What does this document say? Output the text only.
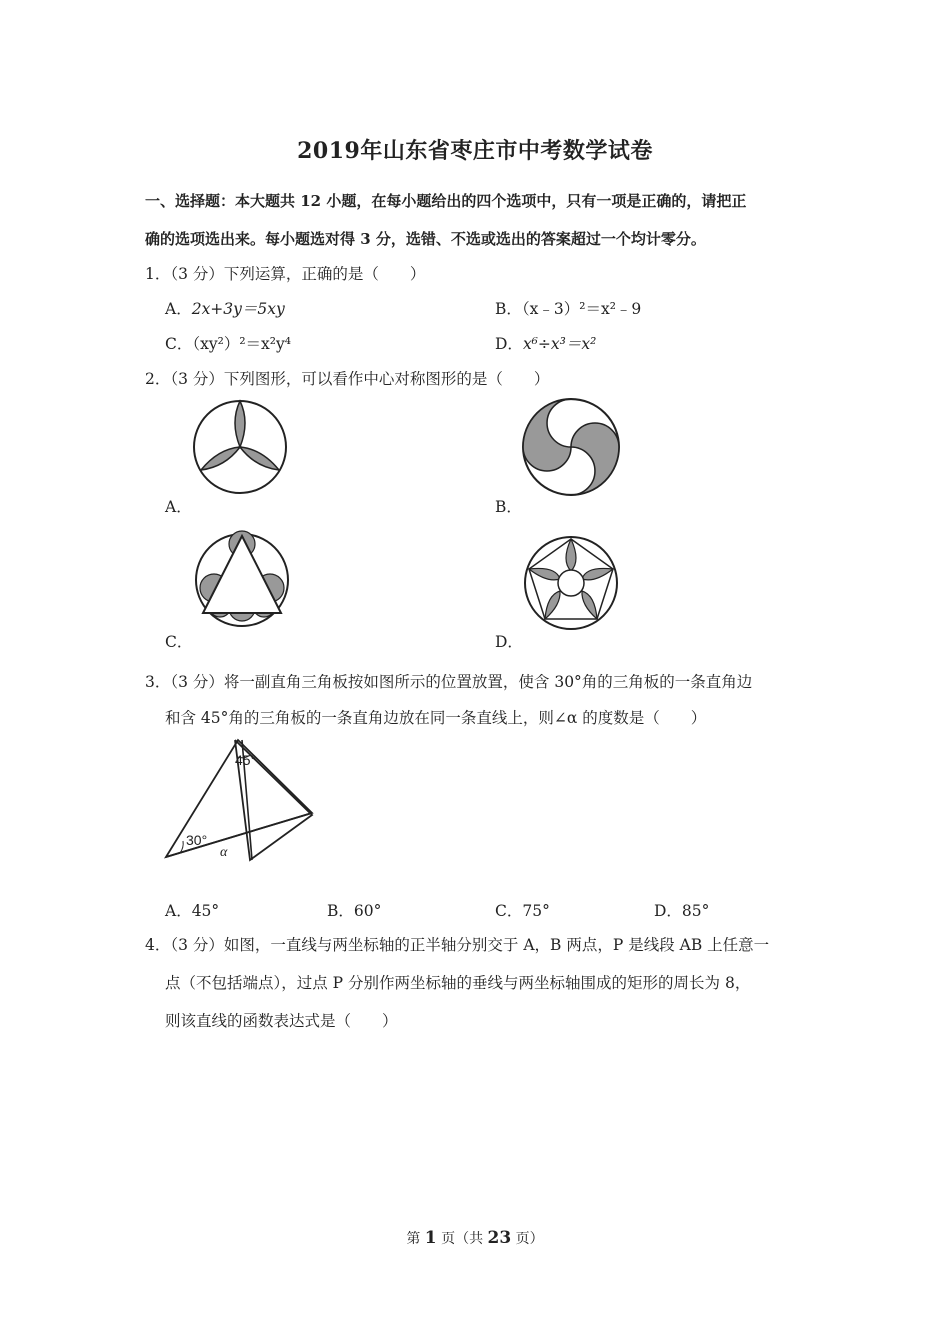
2019年山东省枣庄市中考数学试卷
一、选择题：本大题共 12 小题，在每小题给出的四个选项中，只有一项是正确的，请把正
确的选项选出来。每小题选对得 3 分，选错、不选或选出的答案超过一个均计零分。
1．（3 分）下列运算，正确的是（　　）
A．2x+3y＝5xy	B．（x﹣3）²＝x²﹣9
C．（xy²）²＝x²y⁴	D．x⁶÷x³＝x²
2．（3 分）下列图形，可以看作中心对称图形的是（　　）
A．	B．
C．	D．
3．（3 分）将一副直角三角板按如图所示的位置放置，使含 30°角的三角板的一条直角边
和含 45°角的三角板的一条直角边放在同一条直线上，则∠α 的度数是（　　）
45°
30°
α
A．45°	B．60°	C．75°	D．85°
4．（3 分）如图，一直线与两坐标轴的正半轴分别交于 A，B 两点，P 是线段 AB 上任意一
点（不包括端点），过点 P 分别作两坐标轴的垂线与两坐标轴围成的矩形的周长为 8，
则该直线的函数表达式是（　　）
第 1 页（共 23 页）
